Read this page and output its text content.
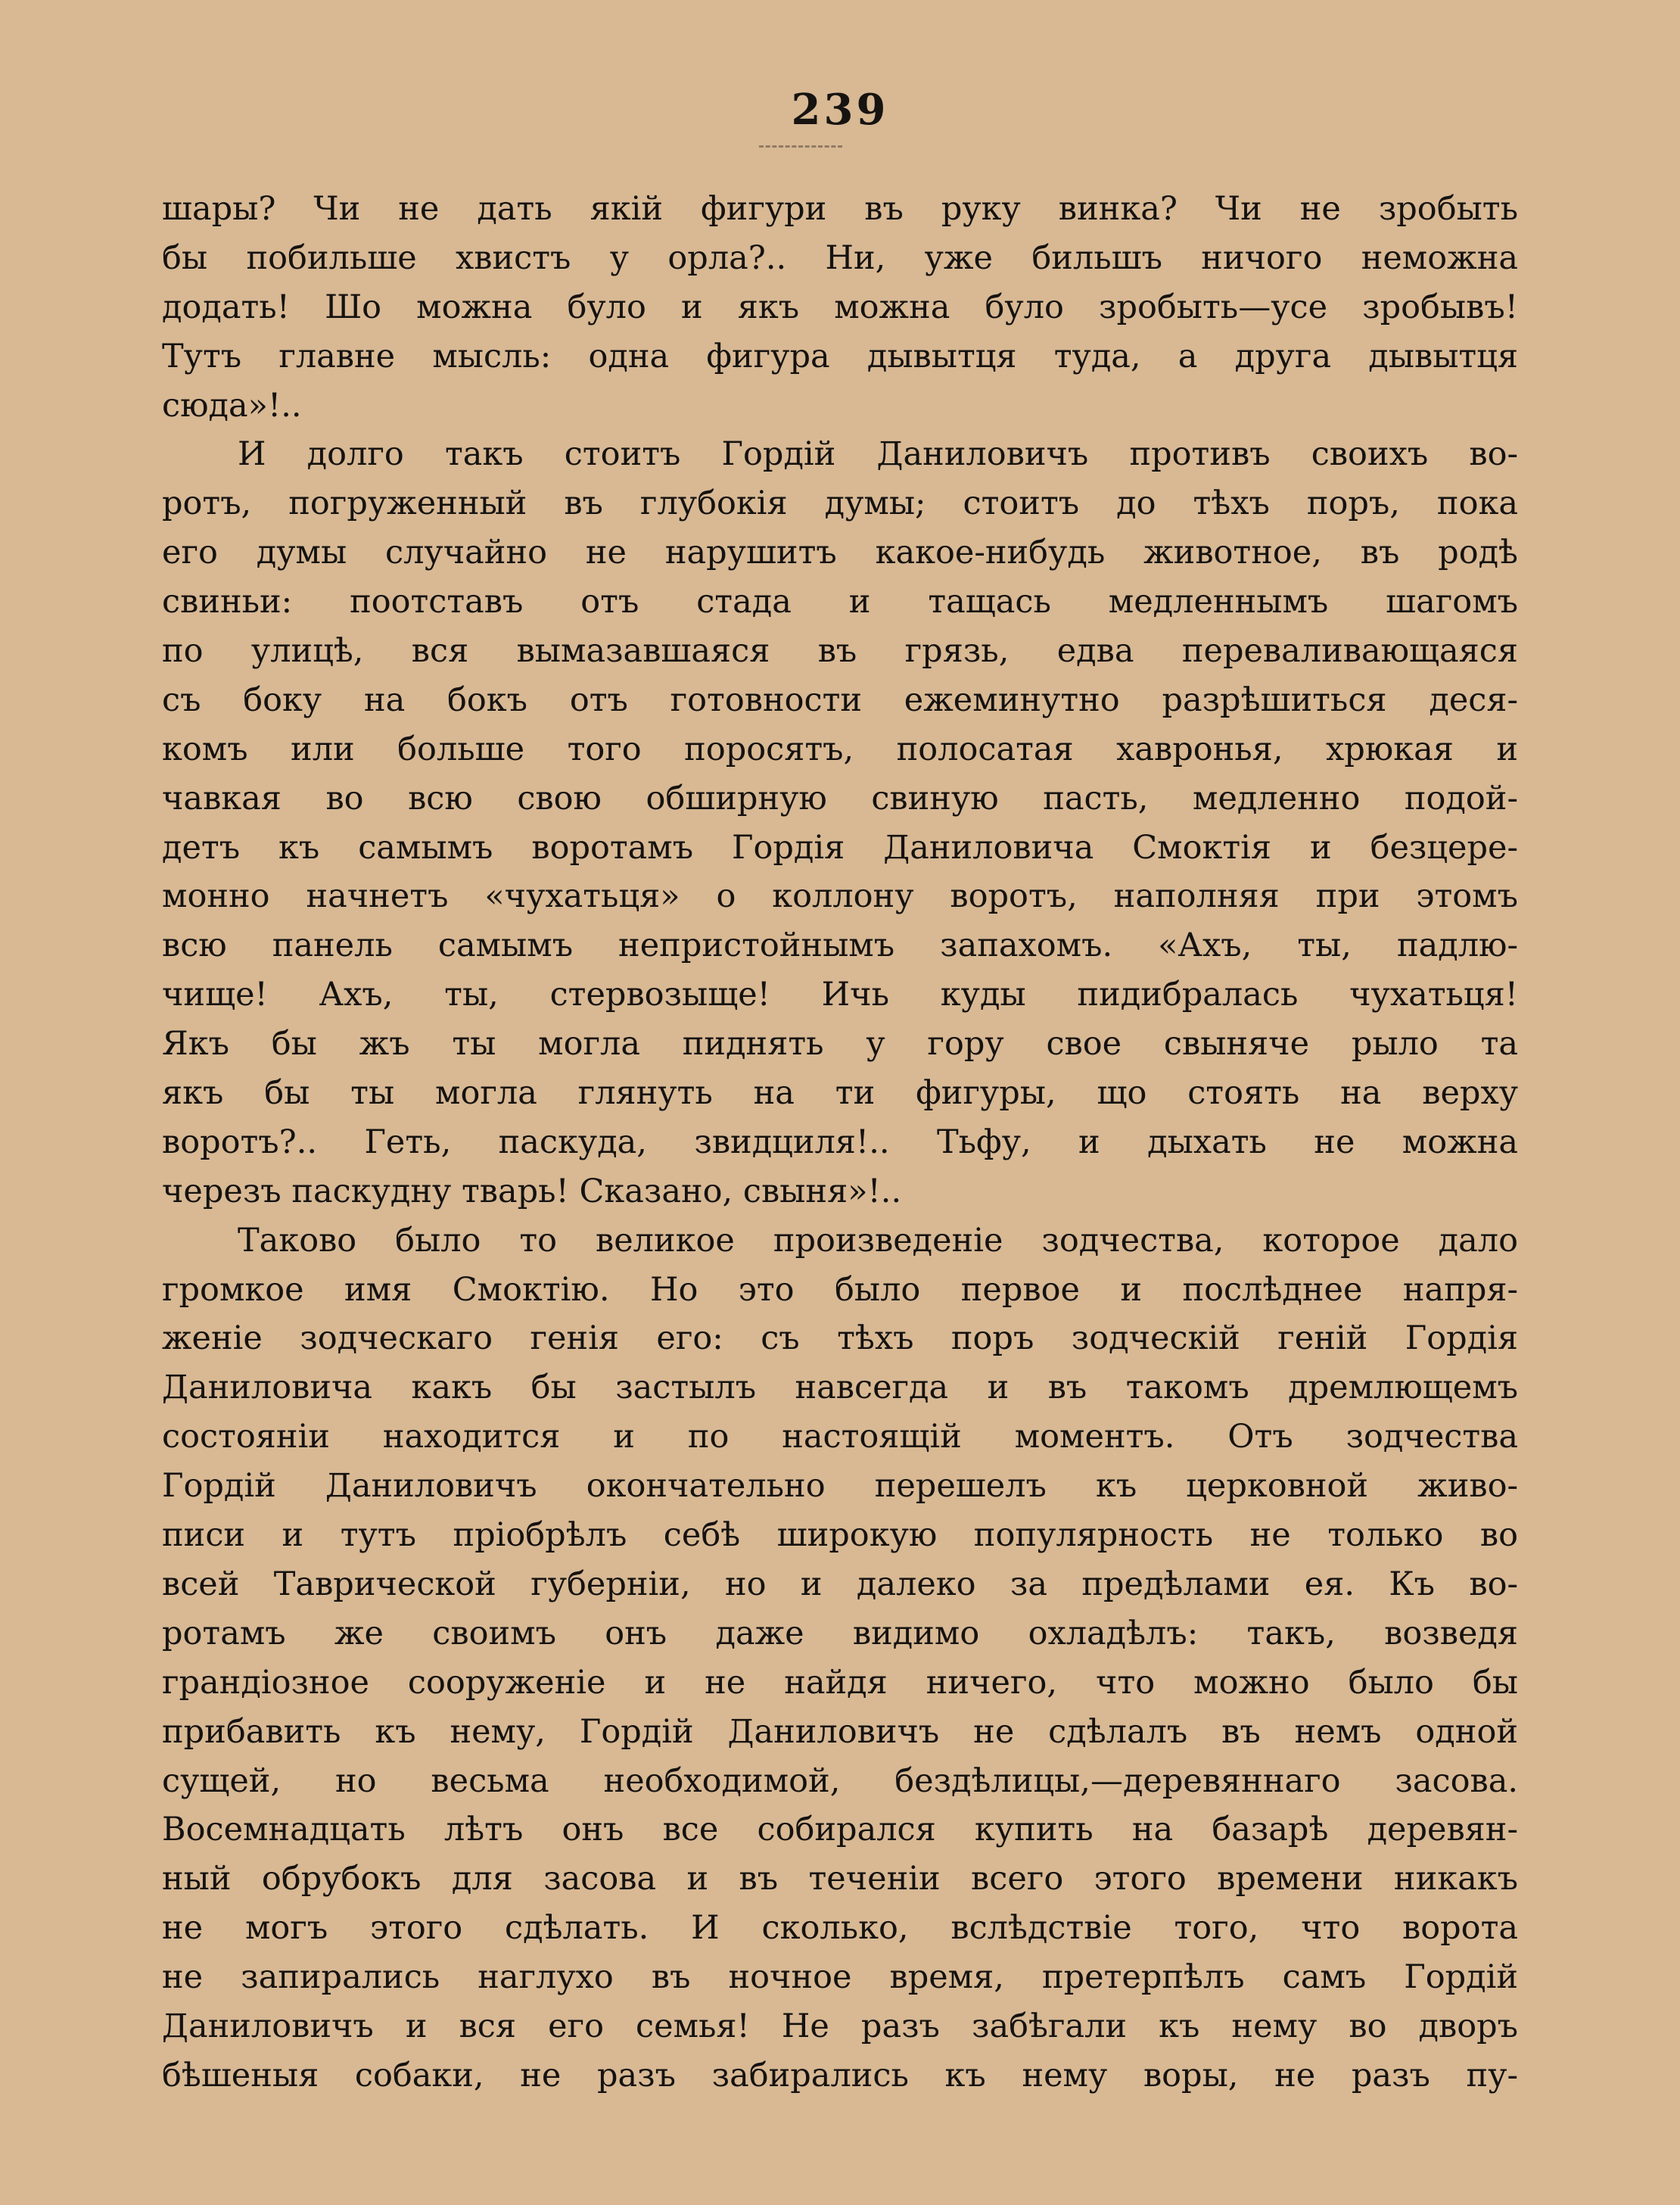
239
шары? Чи не дать якій фигури въ руку винка? Чи не зробыть
бы побильше хвистъ у орла?.. Ни, уже бильшъ ничого неможна
додать! Шо можна було и якъ можна було зробыть—усе зробывъ!
Тутъ главне мысль: одна фигура дывытця туда, а друга дывытця
сюда»!..
И долго такъ стоитъ Гордій Даниловичъ противъ своихъ во-
ротъ, погруженный въ глубокія думы; стоитъ до тѣхъ поръ, пока
его думы случайно не нарушитъ какое-нибудь животное, въ родѣ
свиньи: поотставъ отъ стада и тащась медленнымъ шагомъ
по улицѣ, вся вымазавшаяся въ грязь, едва переваливающаяся
съ боку на бокъ отъ готовности ежеминутно разрѣшиться деся-
комъ или больше того поросятъ, полосатая хавронья, хрюкая и
чавкая во всю свою обширную свиную пасть, медленно подой-
детъ къ самымъ воротамъ Гордія Даниловича Смоктія и безцере-
монно начнетъ «чухатьця» о коллону воротъ, наполняя при этомъ
всю панель самымъ непристойнымъ запахомъ. «Ахъ, ты, падлю-
чище! Ахъ, ты, стервозыще! Ичь куды пидибралась чухатьця!
Якъ бы жъ ты могла пиднять у гору свое свыняче рыло та
якъ бы ты могла глянуть на ти фигуры, що стоять на верху
воротъ?.. Геть, паскуда, звидциля!.. Тьфу, и дыхать не можна
черезъ паскудну тварь! Сказано, свыня»!..
Таково было то великое произведеніе зодчества, которое дало
громкое имя Смоктію. Но это было первое и послѣднее напря-
женіе зодческаго генія его: съ тѣхъ поръ зодческій геній Гордія
Даниловича какъ бы застылъ навсегда и въ такомъ дремлющемъ
состояніи находится и по настоящій моментъ. Отъ зодчества
Гордій Даниловичъ окончательно перешелъ къ церковной живо-
писи и тутъ пріобрѣлъ себѣ широкую популярность не только во
всей Таврической губерніи, но и далеко за предѣлами ея. Къ во-
ротамъ же своимъ онъ даже видимо охладѣлъ: такъ, возведя
грандіозное сооруженіе и не найдя ничего, что можно было бы
прибавить къ нему, Гордій Даниловичъ не сдѣлалъ въ немъ одной
сущей, но весьма необходимой, бездѣлицы,—деревяннаго засова.
Восемнадцать лѣтъ онъ все собирался купить на базарѣ деревян-
ный обрубокъ для засова и въ теченіи всего этого времени никакъ
не могъ этого сдѣлать. И сколько, вслѣдствіе того, что ворота
не запирались наглухо въ ночное время, претерпѣлъ самъ Гордій
Даниловичъ и вся его семья! Не разъ забѣгали къ нему во дворъ
бѣшеныя собаки, не разъ забирались къ нему воры, не разъ пу-
